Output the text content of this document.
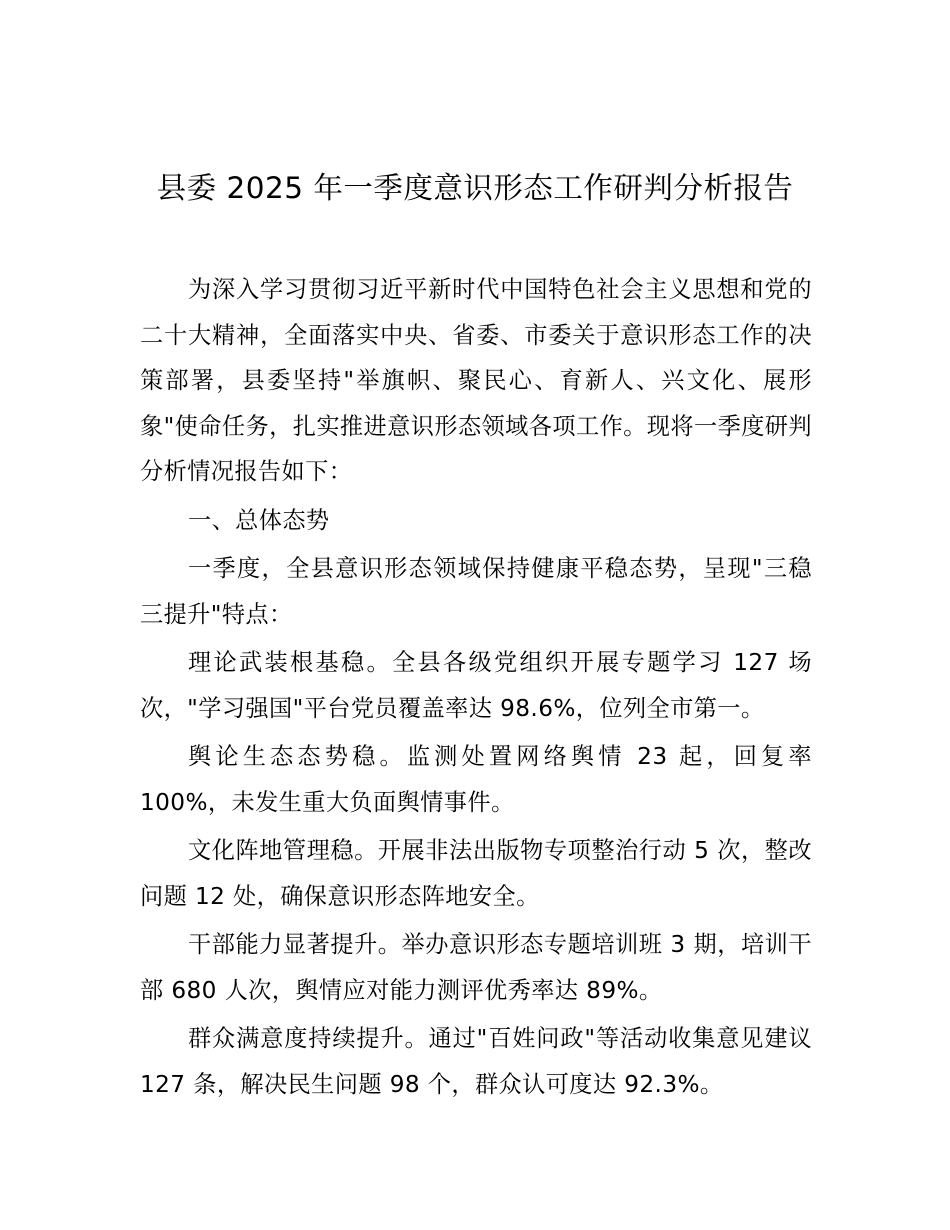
县委 2025 年一季度意识形态工作研判分析报告

为深入学习贯彻习近平新时代中国特色社会主义思想和党的二十大精神，全面落实中央、省委、市委关于意识形态工作的决策部署，县委坚持"举旗帜、聚民心、育新人、兴文化、展形象"使命任务，扎实推进意识形态领域各项工作。现将一季度研判分析情况报告如下：

一、总体态势

一季度，全县意识形态领域保持健康平稳态势，呈现"三稳三提升"特点：

理论武装根基稳。全县各级党组织开展专题学习 127 场次，"学习强国"平台党员覆盖率达 98.6%，位列全市第一。

舆论生态态势稳。监测处置网络舆情 23 起，回复率 100%，未发生重大负面舆情事件。

文化阵地管理稳。开展非法出版物专项整治行动 5 次，整改问题 12 处，确保意识形态阵地安全。

干部能力显著提升。举办意识形态专题培训班 3 期，培训干部 680 人次，舆情应对能力测评优秀率达 89%。

群众满意度持续提升。通过"百姓问政"等活动收集意见建议 127 条，解决民生问题 98 个，群众认可度达 92.3%。
